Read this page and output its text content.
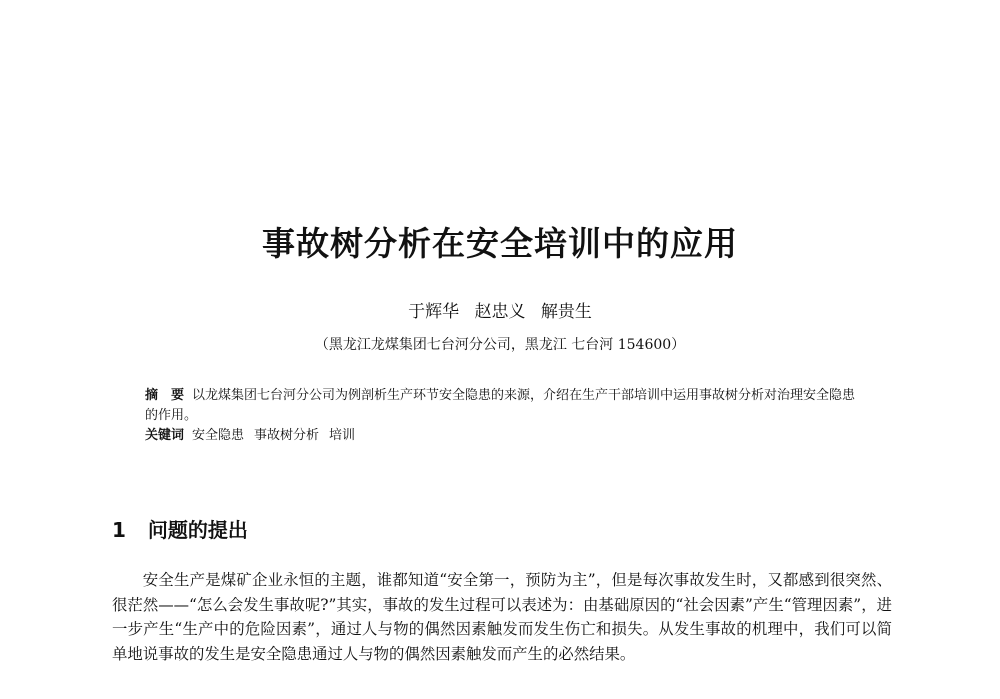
事故树分析在安全培训中的应用
于辉华 赵忠义 解贵生
（黑龙江龙煤集团七台河分公司，黑龙江 七台河 154600）
摘　要 以龙煤集团七台河分公司为例剖析生产环节安全隐患的来源，介绍在生产干部培训中运用事故树分析对治理安全隐患的作用。
关键词 安全隐患 事故树分析 培训
1 问题的提出

安全生产是煤矿企业永恒的主题，谁都知道“安全第一，预防为主”，但是每次事故发生时，又都感到很突然、很茫然——“怎么会发生事故呢?”其实，事故的发生过程可以表述为：由基础原因的“社会因素”产生“管理因素”，进一步产生“生产中的危险因素”，通过人与物的偶然因素触发而发生伤亡和损失。从发生事故的机理中，我们可以简单地说事故的发生是安全隐患通过人与物的偶然因素触发而产生的必然结果。
